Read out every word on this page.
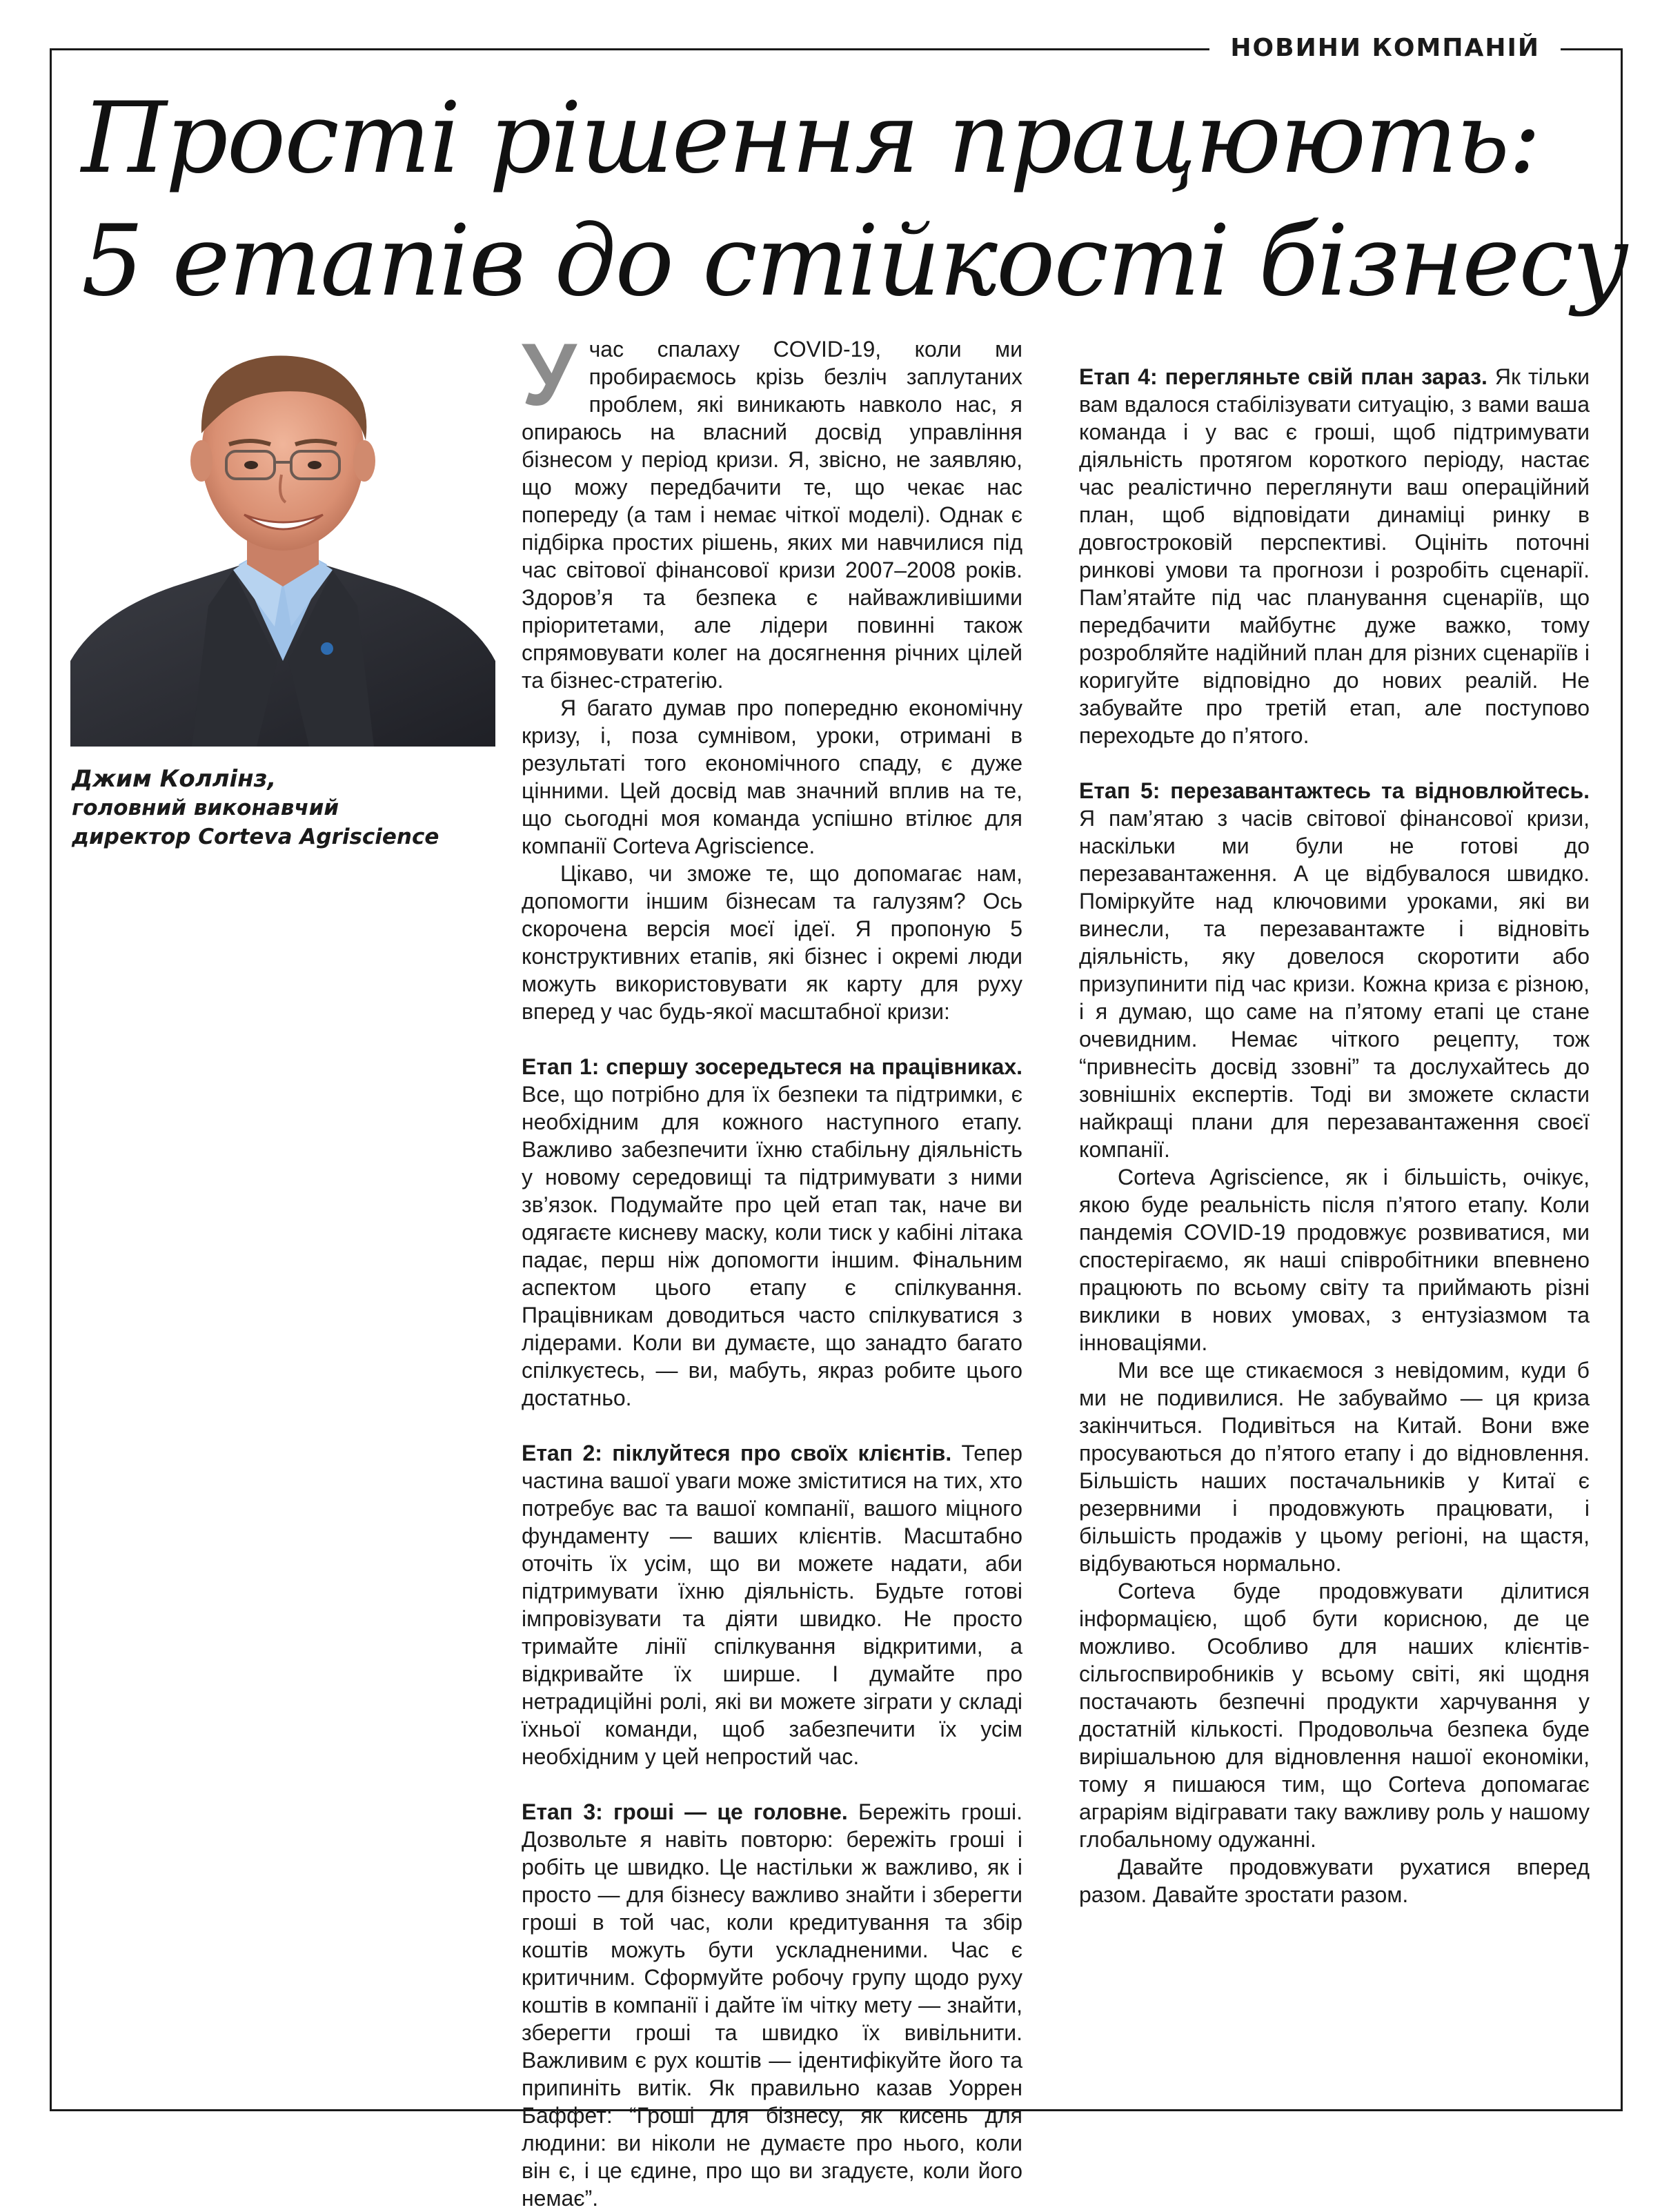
НОВИНИ КОМПАНІЙ
Прості рішення працюють:
5 етапів до стійкості бізнесу
Джим Коллінз,
головний виконавчий директор Corteva Agriscience

У час спалаху COVID-19, коли ми пробираємось крізь безліч заплутаних проблем, які виникають навколо нас, я опираюсь на власний досвід управління бізнесом у період кризи. Я, звісно, не заявляю, що можу передбачити те, що чекає нас попереду (а там і немає чіткої моделі). Однак є підбірка простих рішень, яких ми навчилися під час світової фінансової кризи 2007–2008 років. Здоров’я та безпека є найважливішими пріоритетами, але лідери повинні також спрямовувати колег на досягнення річних цілей та бізнес-стратегію.

Я багато думав про попередню економічну кризу, і, поза сумнівом, уроки, отримані в результаті того економічного спаду, є дуже цінними. Цей досвід мав значний вплив на те, що сьогодні моя команда успішно втілює для компанії Corteva Agriscience.

Цікаво, чи зможе те, що допомагає нам, допомогти іншим бізнесам та галузям? Ось скорочена версія моєї ідеї. Я пропоную 5 конструктивних етапів, які бізнес і окремі люди можуть використовувати як карту для руху вперед у час будь-якої масштабної кризи:

Етап 1: спершу зосередьтеся на працівниках. Все, що потрібно для їх безпеки та підтримки, є необхідним для кожного наступного етапу. Важливо забезпечити їхню стабільну діяльність у новому середовищі та підтримувати з ними зв’язок. Подумайте про цей етап так, наче ви одягаєте кисневу маску, коли тиск у кабіні літака падає, перш ніж допомогти іншим. Фінальним аспектом цього етапу є спілкування. Працівникам доводиться часто спілкуватися з лідерами. Коли ви думаєте, що занадто багато спілкуєтесь, — ви, мабуть, якраз робите цього достатньо.

Етап 2: піклуйтеся про своїх клієнтів. Тепер частина вашої уваги може зміститися на тих, хто потребує вас та вашої компанії, вашого міцного фундаменту — ваших клієнтів. Масштабно оточіть їх усім, що ви можете надати, аби підтримувати їхню діяльність. Будьте готові імпровізувати та діяти швидко. Не просто тримайте лінії спілкування відкритими, а відкривайте їх ширше. І думайте про нетрадиційні ролі, які ви можете зіграти у складі їхньої команди, щоб забезпечити їх усім необхідним у цей непростий час.

Етап 3: гроші — це головне. Бережіть гроші. Дозвольте я навіть повторю: бережіть гроші і робіть це швидко. Це настільки ж важливо, як і просто — для бізнесу важливо знайти і зберегти гроші в той час, коли кредитування та збір коштів можуть бути ускладненими. Час є критичним. Сформуйте робочу групу щодо руху коштів в компанії і дайте їм чітку мету — знайти, зберегти гроші та швидко їх вивільнити. Важливим є рух коштів — ідентифікуйте його та припиніть витік. Як правильно казав Уоррен Баффет: “Гроші для бізнесу, як кисень для людини: ви ніколи не думаєте про нього, коли він є, і це єдине, про що ви згадуєте, коли його немає”.

Етап 4: перегляньте свій план зараз. Як тільки вам вдалося стабілізувати ситуацію, з вами ваша команда і у вас є гроші, щоб підтримувати діяльність протягом короткого періоду, настає час реалістично переглянути ваш операційний план, щоб відповідати динаміці ринку в довгостроковій перспективі. Оцініть поточні ринкові умови та прогнози і розробіть сценарії. Пам’ятайте під час планування сценаріїв, що передбачити майбутнє дуже важко, тому розробляйте надійний план для різних сценаріїв і коригуйте відповідно до нових реалій. Не забувайте про третій етап, але поступово переходьте до п’ятого.

Етап 5: перезавантажтесь та відновлюйтесь. Я пам’ятаю з часів світової фінансової кризи, наскільки ми були не готові до перезавантаження. А це відбувалося швидко. Поміркуйте над ключовими уроками, які ви винесли, та перезавантажте і відновіть діяльність, яку довелося скоротити або призупинити під час кризи. Кожна криза є різною, і я думаю, що саме на п’ятому етапі це стане очевидним. Немає чіткого рецепту, тож “привнесіть досвід ззовні” та дослухайтесь до зовнішніх експертів. Тоді ви зможете скласти найкращі плани для перезавантаження своєї компанії.

Corteva Agriscience, як і більшість, очікує, якою буде реальність після п’ятого етапу. Коли пандемія COVID-19 продовжує розвиватися, ми спостерігаємо, як наші співробітники впевнено працюють по всьому світу та приймають різні виклики в нових умовах, з ентузіазмом та інноваціями.

Ми все ще стикаємося з невідомим, куди б ми не подивилися. Не забуваймо — ця криза закінчиться. Подивіться на Китай. Вони вже просуваються до п’ятого етапу і до відновлення. Більшість наших постачальників у Китаї є резервними і продовжують працювати, і більшість продажів у цьому регіоні, на щастя, відбуваються нормально.

Corteva буде продовжувати ділитися інформацією, щоб бути корисною, де це можливо. Особливо для наших клієнтів-сільгоспвиробників у всьому світі, які щодня постачають безпечні продукти харчування у достатній кількості. Продовольча безпека буде вирішальною для відновлення нашої економіки, тому я пишаюся тим, що Corteva допомагає аграріям відігравати таку важливу роль у нашому глобальному одужанні.

Давайте продовжувати рухатися вперед разом. Давайте зростати разом.
